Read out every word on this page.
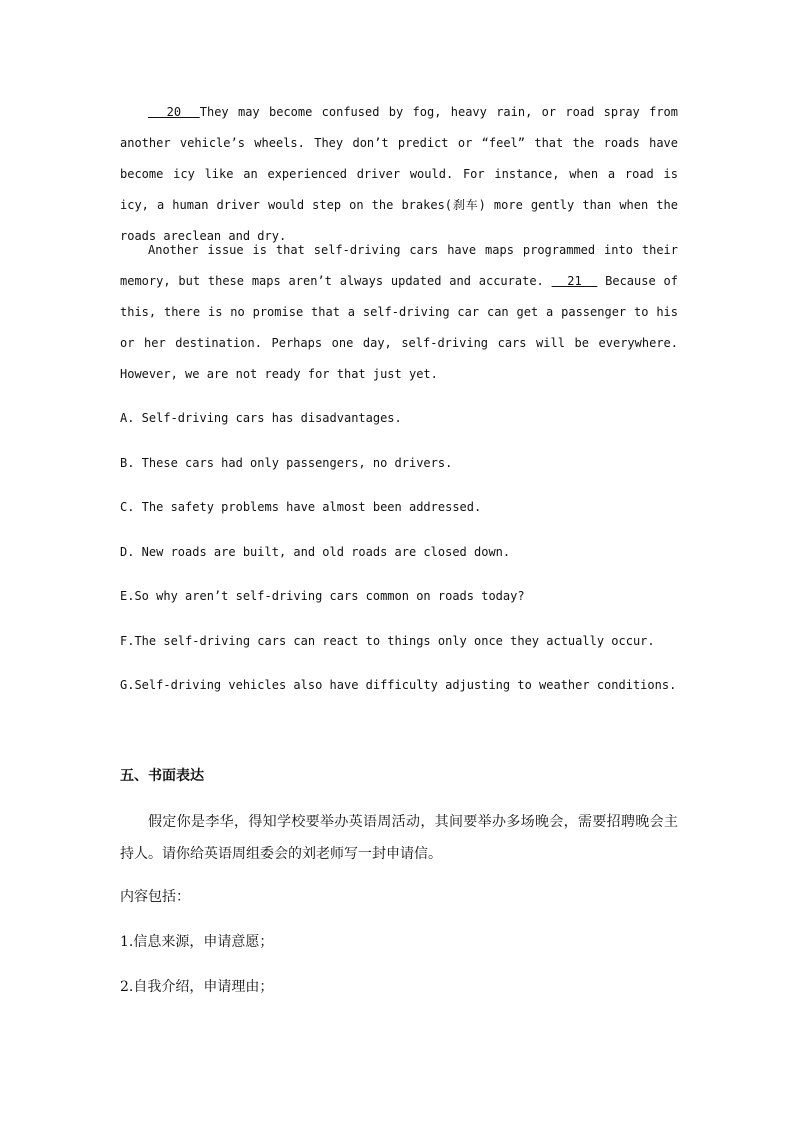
20  They may become confused by fog, heavy rain, or road spray from another vehicle’s wheels. They don’t predict or “feel” that the roads have become icy like an experienced driver would. For instance, when a road is icy, a human driver would step on the brakes(刹车) more gently than when the roads areclean and dry.

Another issue is that self-driving cars have maps programmed into their memory, but these maps aren’t always updated and accurate.   21   Because of this, there is no promise that a self-driving car can get a passenger to his or her destination. Perhaps one day, self-driving cars will be everywhere. However, we are not ready for that just yet.

A. Self-driving cars has disadvantages.
B. These cars had only passengers, no drivers.
C. The safety problems have almost been addressed.
D. New roads are built, and old roads are closed down.
E.So why aren’t self-driving cars common on roads today?
F.The self-driving cars can react to things only once they actually occur.
G.Self-driving vehicles also have difficulty adjusting to weather conditions.
五、书面表达

假定你是李华，得知学校要举办英语周活动，其间要举办多场晚会，需要招聘晚会主持人。请你给英语周组委会的刘老师写一封申请信。

内容包括：
1.信息来源，申请意愿；
2.自我介绍，申请理由；
